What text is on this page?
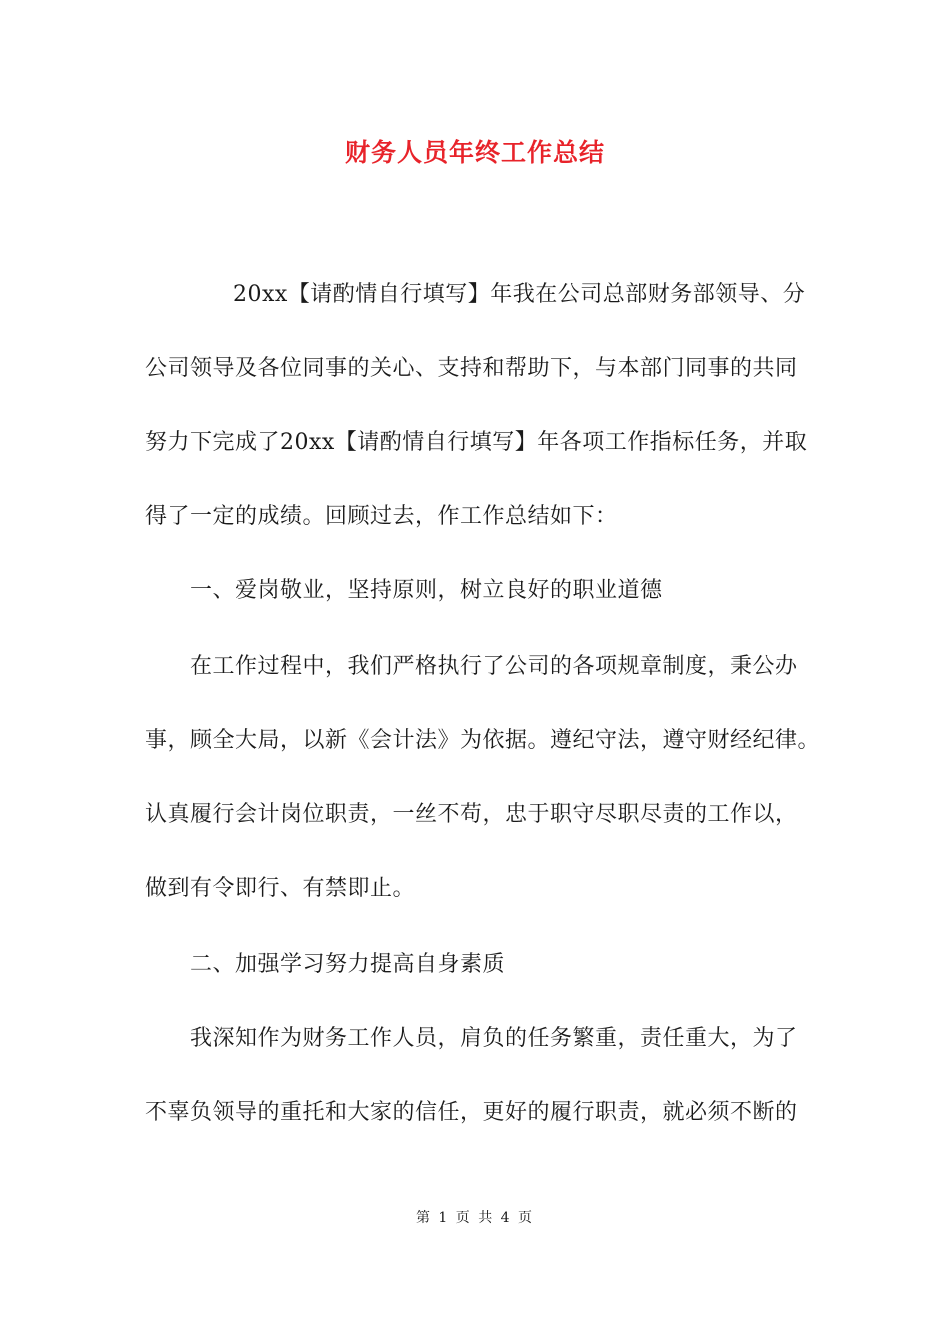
财务人员年终工作总结
20xx【请酌情自行填写】年我在公司总部财务部领导、分
公司领导及各位同事的关心、支持和帮助下，与本部门同事的共同
努力下完成了20xx【请酌情自行填写】年各项工作指标任务，并取
得了一定的成绩。回顾过去，作工作总结如下：
一、爱岗敬业，坚持原则，树立良好的职业道德
在工作过程中，我们严格执行了公司的各项规章制度，秉公办
事，顾全大局，以新《会计法》为依据。遵纪守法，遵守财经纪律。
认真履行会计岗位职责，一丝不苟，忠于职守尽职尽责的工作以，
做到有令即行、有禁即止。
二、加强学习努力提高自身素质
我深知作为财务工作人员，肩负的任务繁重，责任重大，为了
不辜负领导的重托和大家的信任，更好的履行职责，就必须不断的
第 1 页 共 4 页
